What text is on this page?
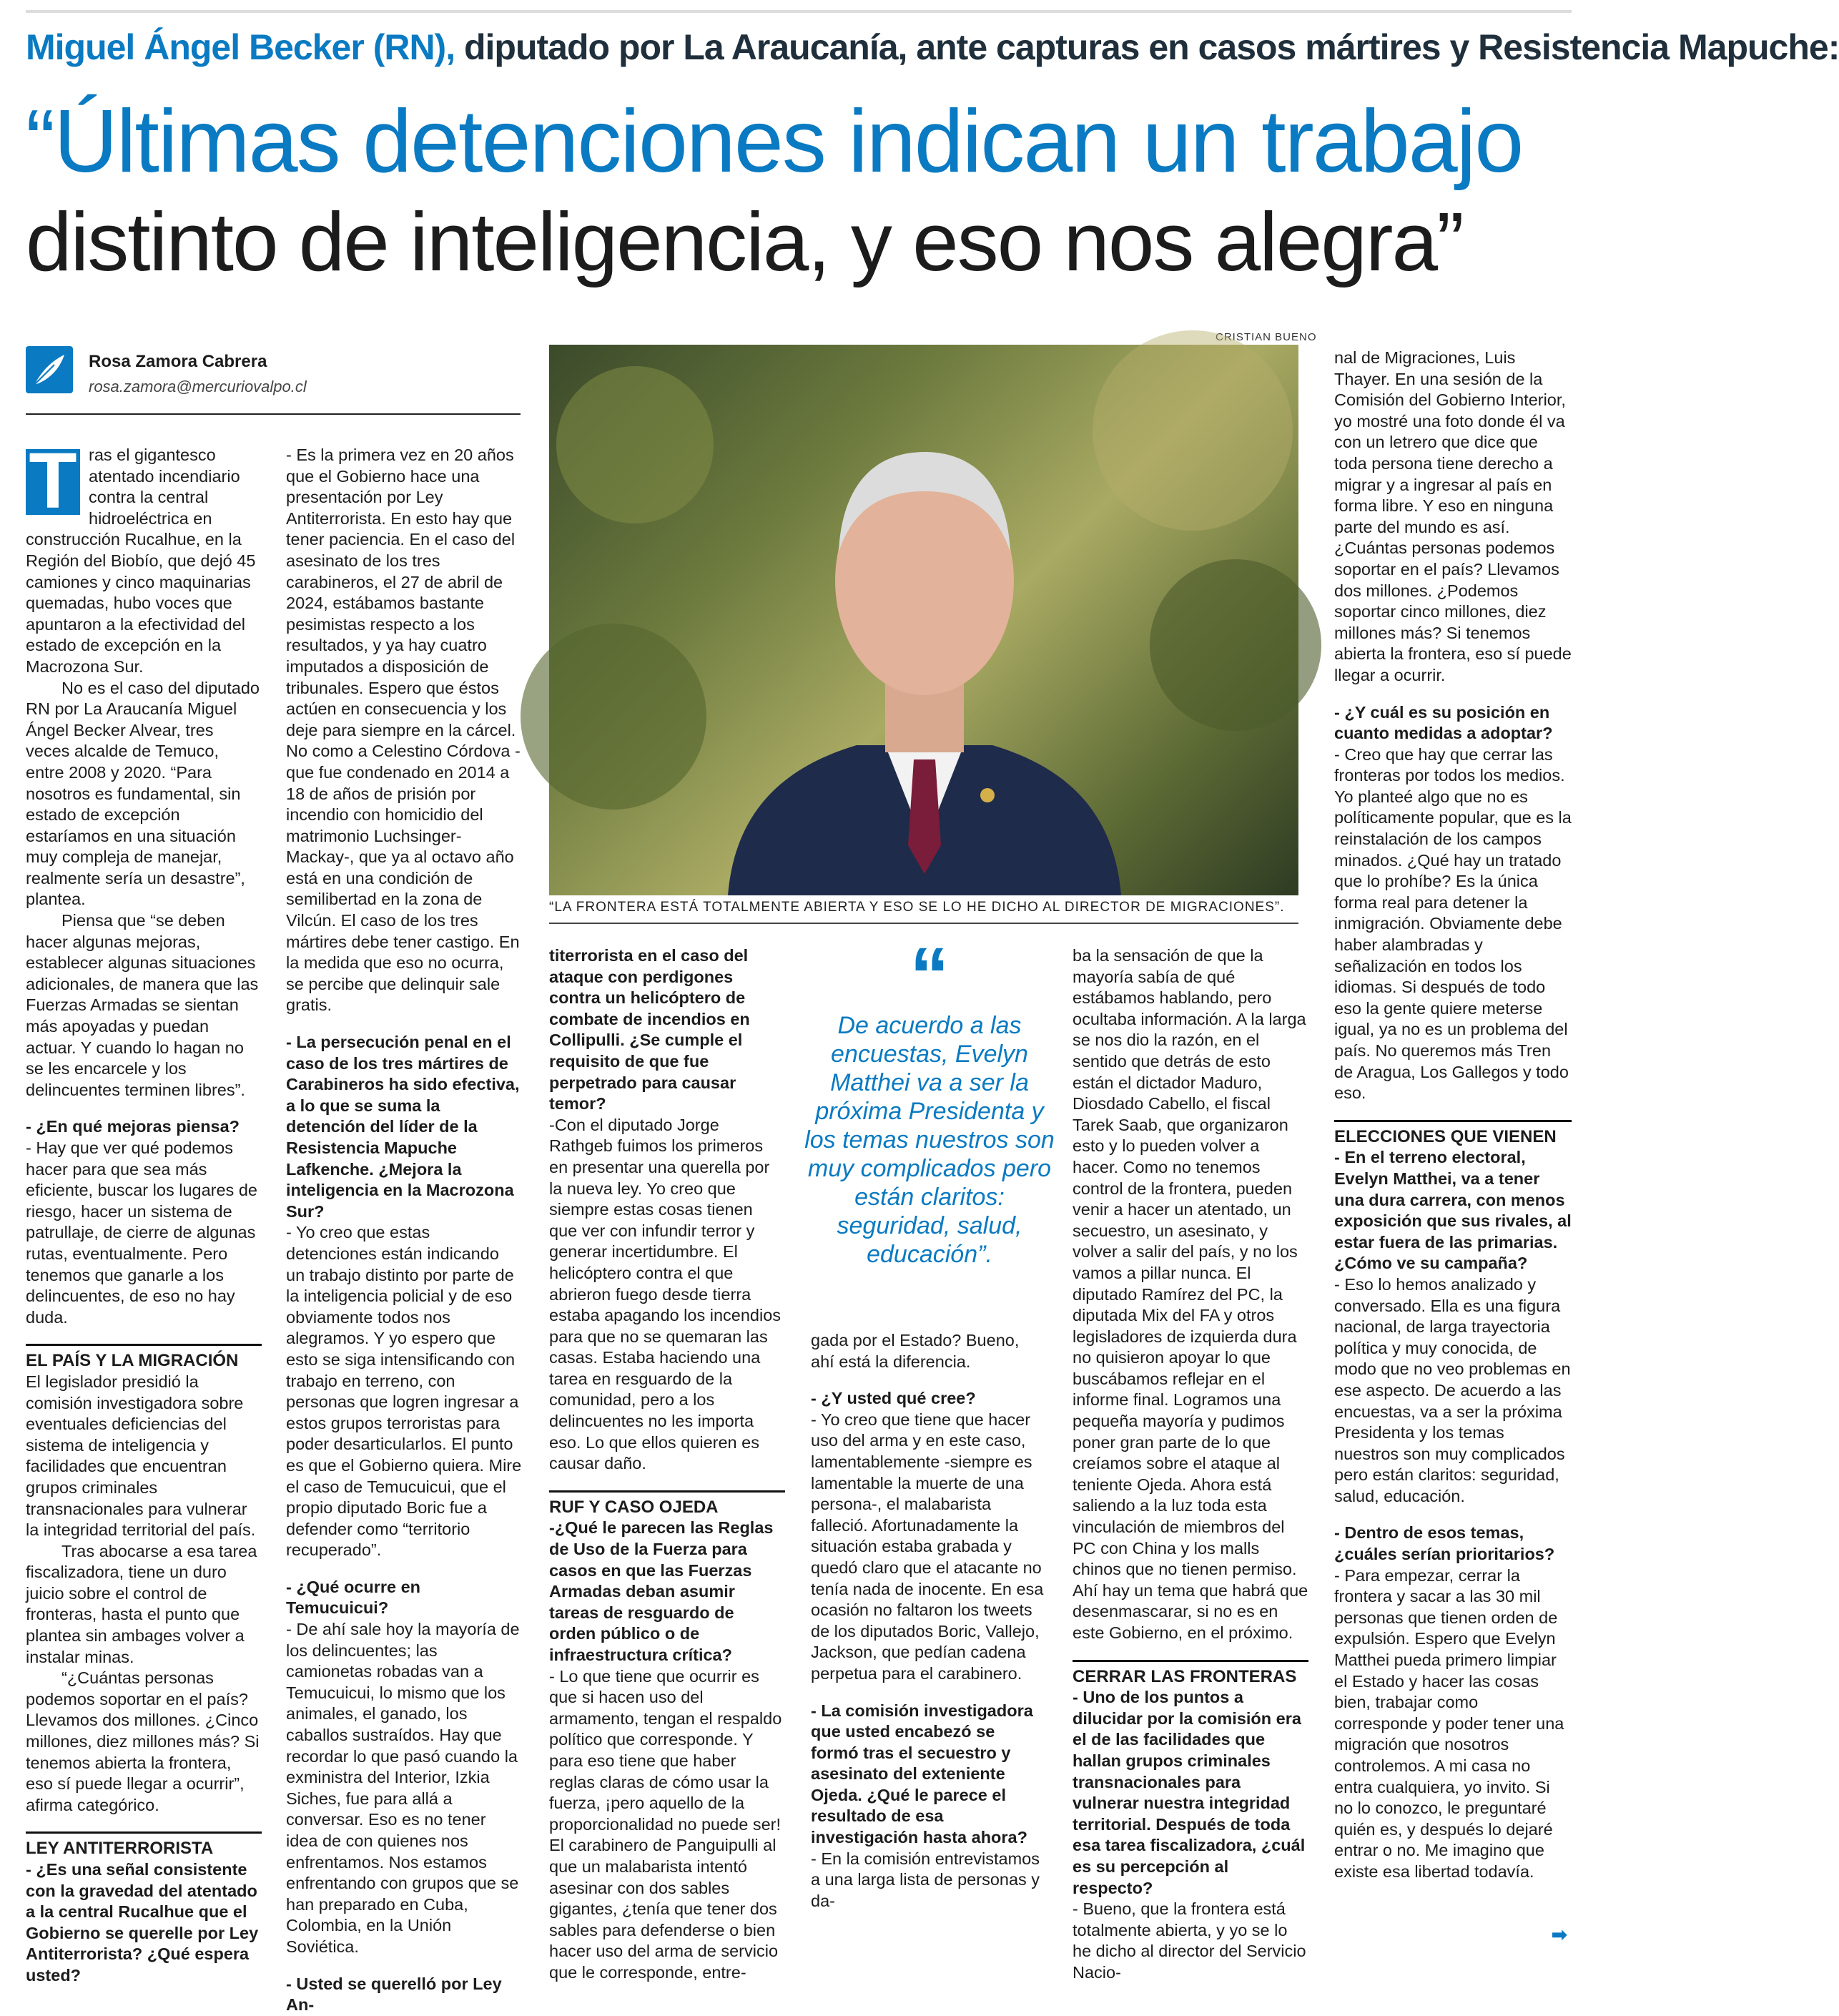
Miguel Ángel Becker (RN), diputado por La Araucanía, ante capturas en casos mártires y Resistencia Mapuche:
“Últimas detenciones indican un trabajo
distinto de inteligencia, y eso nos alegra”
Rosa Zamora Cabrera
rosa.zamora@mercuriovalpo.cl
CRISTIAN BUENO
“LA FRONTERA ESTÁ TOTALMENTE ABIERTA Y ESO SE LO HE DICHO AL DIRECTOR DE MIGRACIONES”.

T ras el gigantesco atentado incendiario contra la central hidroeléctrica en construcción Rucalhue, en la Región del Biobío, que dejó 45 camiones y cinco maquinarias quemadas, hubo voces que apuntaron a la efectividad del estado de excepción en la Macrozona Sur.

No es el caso del diputado RN por La Araucanía Miguel Ángel Becker Alvear, tres veces alcalde de Temuco, entre 2008 y 2020. “Para nosotros es fundamental, sin estado de excepción estaríamos en una situación muy compleja de manejar, realmente sería un desastre”, plantea.

Piensa que “se deben hacer algunas mejoras, establecer algunas situaciones adicionales, de manera que las Fuerzas Armadas se sientan más apoyadas y puedan actuar. Y cuando lo hagan no se les encarcele y los delincuentes terminen libres”.

- ¿En qué mejoras piensa?

- Hay que ver qué podemos hacer para que sea más eficiente, buscar los lugares de riesgo, hacer un sistema de patrullaje, de cierre de algunas rutas, eventualmente. Pero tenemos que ganarle a los delincuentes, de eso no hay duda.

EL PAÍS Y LA MIGRACIÓN

El legislador presidió la comisión investigadora sobre eventuales deficiencias del sistema de inteligencia y facilidades que encuentran grupos criminales transnacionales para vulnerar la integridad territorial del país.

Tras abocarse a esa tarea fiscalizadora, tiene un duro juicio sobre el control de fronteras, hasta el punto que plantea sin ambages volver a instalar minas.

“¿Cuántas personas podemos soportar en el país? Llevamos dos millones. ¿Cinco millones, diez millones más? Si tenemos abierta la frontera, eso sí puede llegar a ocurrir”, afirma categórico.

LEY ANTITERRORISTA

- ¿Es una señal consistente con la gravedad del atentado a la central Rucalhue que el Gobierno se querelle por Ley Antiterrorista? ¿Qué espera usted?

- Es la primera vez en 20 años que el Gobierno hace una presentación por Ley Antiterrorista. En esto hay que tener paciencia. En el caso del asesinato de los tres carabineros, el 27 de abril de 2024, estábamos bastante pesimistas respecto a los resultados, y ya hay cuatro imputados a disposición de tribunales. Espero que éstos actúen en consecuencia y los deje para siempre en la cárcel. No como a Celestino Córdova -que fue condenado en 2014 a 18 de años de prisión por incendio con homicidio del matrimonio Luchsinger-Mackay-, que ya al octavo año está en una condición de semilibertad en la zona de Vilcún. El caso de los tres mártires debe tener castigo. En la medida que eso no ocurra, se percibe que delinquir sale gratis.

- La persecución penal en el caso de los tres mártires de Carabineros ha sido efectiva, a lo que se suma la detención del líder de la Resistencia Mapuche Lafkenche. ¿Mejora la inteligencia en la Macrozona Sur?

- Yo creo que estas detenciones están indicando un trabajo distinto por parte de la inteligencia policial y de eso obviamente todos nos alegramos. Y yo espero que esto se siga intensificando con trabajo en terreno, con personas que logren ingresar a estos grupos terroristas para poder desarticularlos. El punto es que el Gobierno quiera. Mire el caso de Temucuicui, que el propio diputado Boric fue a defender como “territorio recuperado”.

- ¿Qué ocurre en Temucuicui?

- De ahí sale hoy la mayoría de los delincuentes; las camionetas robadas van a Temucuicui, lo mismo que los animales, el ganado, los caballos sustraídos. Hay que recordar lo que pasó cuando la exministra del Interior, Izkia Siches, fue para allá a conversar. Eso es no tener idea de con quienes nos enfrentamos. Nos estamos enfrentando con grupos que se han preparado en Cuba, Colombia, en la Unión Soviética.

- Usted se querelló por Ley An-

titerrorista en el caso del ataque con perdigones contra un helicóptero de combate de incendios en Collipulli. ¿Se cumple el requisito de que fue perpetrado para causar temor?

-Con el diputado Jorge Rathgeb fuimos los primeros en presentar una querella por la nueva ley. Yo creo que siempre estas cosas tienen que ver con infundir terror y generar incertidumbre. El helicóptero contra el que abrieron fuego desde tierra estaba apagando los incendios para que no se quemaran las casas. Estaba haciendo una tarea en resguardo de la comunidad, pero a los delincuentes no les importa eso. Lo que ellos quieren es causar daño.

RUF Y CASO OJEDA

-¿Qué le parecen las Reglas de Uso de la Fuerza para casos en que las Fuerzas Armadas deban asumir tareas de resguardo de orden público o de infraestructura crítica?

- Lo que tiene que ocurrir es que si hacen uso del armamento, tengan el respaldo político que corresponde. Y para eso tiene que haber reglas claras de cómo usar la fuerza, ¡pero aquello de la proporcionalidad no puede ser! El carabinero de Panguipulli al que un malabarista intentó asesinar con dos sables gigantes, ¿tenía que tener dos sables para defenderse o bien hacer uso del arma de servicio que le corresponde, entre-

“
De acuerdo a las encuestas, Evelyn Matthei va a ser la próxima Presidenta y los temas nuestros son muy complicados pero están claritos: seguridad, salud, educación”.

gada por el Estado? Bueno, ahí está la diferencia.

- ¿Y usted qué cree?

- Yo creo que tiene que hacer uso del arma y en este caso, lamentablemente -siempre es lamentable la muerte de una persona-, el malabarista falleció. Afortunadamente la situación estaba grabada y quedó claro que el atacante no tenía nada de inocente. En esa ocasión no faltaron los tweets de los diputados Boric, Vallejo, Jackson, que pedían cadena perpetua para el carabinero.

- La comisión investigadora que usted encabezó se formó tras el secuestro y asesinato del exteniente Ojeda. ¿Qué le parece el resultado de esa investigación hasta ahora?

- En la comisión entrevistamos a una larga lista de personas y da-

ba la sensación de que la mayoría sabía de qué estábamos hablando, pero ocultaba información. A la larga se nos dio la razón, en el sentido que detrás de esto están el dictador Maduro, Diosdado Cabello, el fiscal Tarek Saab, que organizaron esto y lo pueden volver a hacer. Como no tenemos control de la frontera, pueden venir a hacer un atentado, un secuestro, un asesinato, y volver a salir del país, y no los vamos a pillar nunca. El diputado Ramírez del PC, la diputada Mix del FA y otros legisladores de izquierda dura no quisieron apoyar lo que buscábamos reflejar en el informe final. Logramos una pequeña mayoría y pudimos poner gran parte de lo que creíamos sobre el ataque al teniente Ojeda. Ahora está saliendo a la luz toda esta vinculación de miembros del PC con China y los malls chinos que no tienen permiso. Ahí hay un tema que habrá que desenmascarar, si no es en este Gobierno, en el próximo.

CERRAR LAS FRONTERAS

- Uno de los puntos a dilucidar por la comisión era el de las facilidades que hallan grupos criminales transnacionales para vulnerar nuestra integridad territorial. Después de toda esa tarea fiscalizadora, ¿cuál es su percepción al respecto?

- Bueno, que la frontera está totalmente abierta, y yo se lo he dicho al director del Servicio Nacio-

nal de Migraciones, Luis Thayer. En una sesión de la Comisión del Gobierno Interior, yo mostré una foto donde él va con un letrero que dice que toda persona tiene derecho a migrar y a ingresar al país en forma libre. Y eso en ninguna parte del mundo es así. ¿Cuántas personas podemos soportar en el país? Llevamos dos millones. ¿Podemos soportar cinco millones, diez millones más? Si tenemos abierta la frontera, eso sí puede llegar a ocurrir.

- ¿Y cuál es su posición en cuanto medidas a adoptar?

- Creo que hay que cerrar las fronteras por todos los medios. Yo planteé algo que no es políticamente popular, que es la reinstalación de los campos minados. ¿Qué hay un tratado que lo prohíbe? Es la única forma real para detener la inmigración. Obviamente debe haber alambradas y señalización en todos los idiomas. Si después de todo eso la gente quiere meterse igual, ya no es un problema del país. No queremos más Tren de Aragua, Los Gallegos y todo eso.

ELECCIONES QUE VIENEN

- En el terreno electoral, Evelyn Matthei, va a tener una dura carrera, con menos exposición que sus rivales, al estar fuera de las primarias. ¿Cómo ve su campaña?

- Eso lo hemos analizado y conversado. Ella es una figura nacional, de larga trayectoria política y muy conocida, de modo que no veo problemas en ese aspecto. De acuerdo a las encuestas, va a ser la próxima Presidenta y los temas nuestros son muy complicados pero están claritos: seguridad, salud, educación.

- Dentro de esos temas, ¿cuáles serían prioritarios?

- Para empezar, cerrar la frontera y sacar a las 30 mil personas que tienen orden de expulsión. Espero que Evelyn Matthei pueda primero limpiar el Estado y hacer las cosas bien, trabajar como corresponde y poder tener una migración que nosotros controlemos. A mi casa no entra cualquiera, yo invito. Si no lo conozco, le preguntaré quién es, y después lo dejaré entrar o no. Me imagino que existe esa libertad todavía.

➡
